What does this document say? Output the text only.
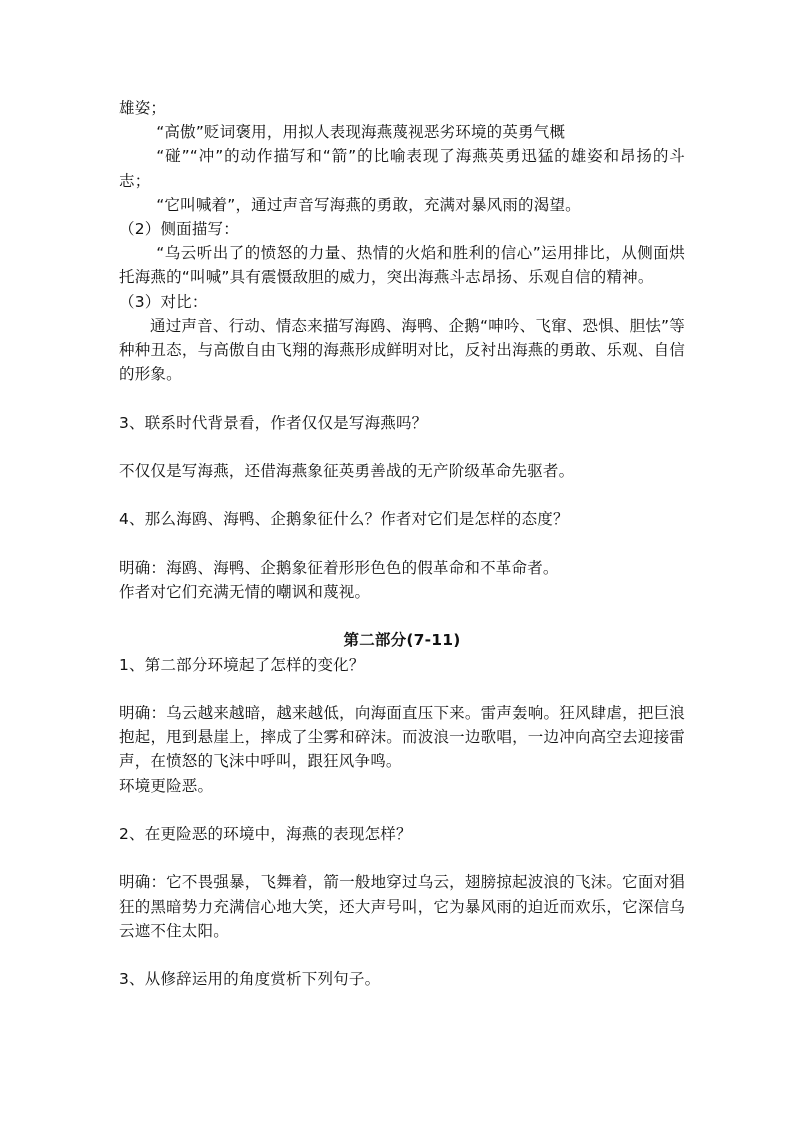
雄姿；

“高傲”贬词褒用，用拟人表现海燕蔑视恶劣环境的英勇气概

“碰”“冲”的动作描写和“箭”的比喻表现了海燕英勇迅猛的雄姿和昂扬的斗志；

“它叫喊着”，通过声音写海燕的勇敢，充满对暴风雨的渴望。

（2）侧面描写：

“乌云听出了的愤怒的力量、热情的火焰和胜利的信心”运用排比，从侧面烘托海燕的“叫喊”具有震慑敌胆的威力，突出海燕斗志昂扬、乐观自信的精神。

（3）对比：

通过声音、行动、情态来描写海鸥、海鸭、企鹅“呻吟、飞窜、恐惧、胆怯”等种种丑态，与高傲自由飞翔的海燕形成鲜明对比，反衬出海燕的勇敢、乐观、自信的形象。

3、联系时代背景看，作者仅仅是写海燕吗？

不仅仅是写海燕，还借海燕象征英勇善战的无产阶级革命先驱者。

4、那么海鸥、海鸭、企鹅象征什么？作者对它们是怎样的态度？

明确：海鸥、海鸭、企鹅象征着形形色色的假革命和不革命者。

作者对它们充满无情的嘲讽和蔑视。

第二部分(7-11)

1、第二部分环境起了怎样的变化？

明确：乌云越来越暗，越来越低，向海面直压下来。雷声轰响。狂风肆虐，把巨浪抱起，甩到悬崖上，摔成了尘雾和碎沫。而波浪一边歌唱，一边冲向高空去迎接雷声，在愤怒的飞沫中呼叫，跟狂风争鸣。

环境更险恶。

2、在更险恶的环境中，海燕的表现怎样？

明确：它不畏强暴，飞舞着，箭一般地穿过乌云，翅膀掠起波浪的飞沫。它面对猖狂的黑暗势力充满信心地大笑，还大声号叫，它为暴风雨的迫近而欢乐，它深信乌云遮不住太阳。

3、从修辞运用的角度赏析下列句子。
